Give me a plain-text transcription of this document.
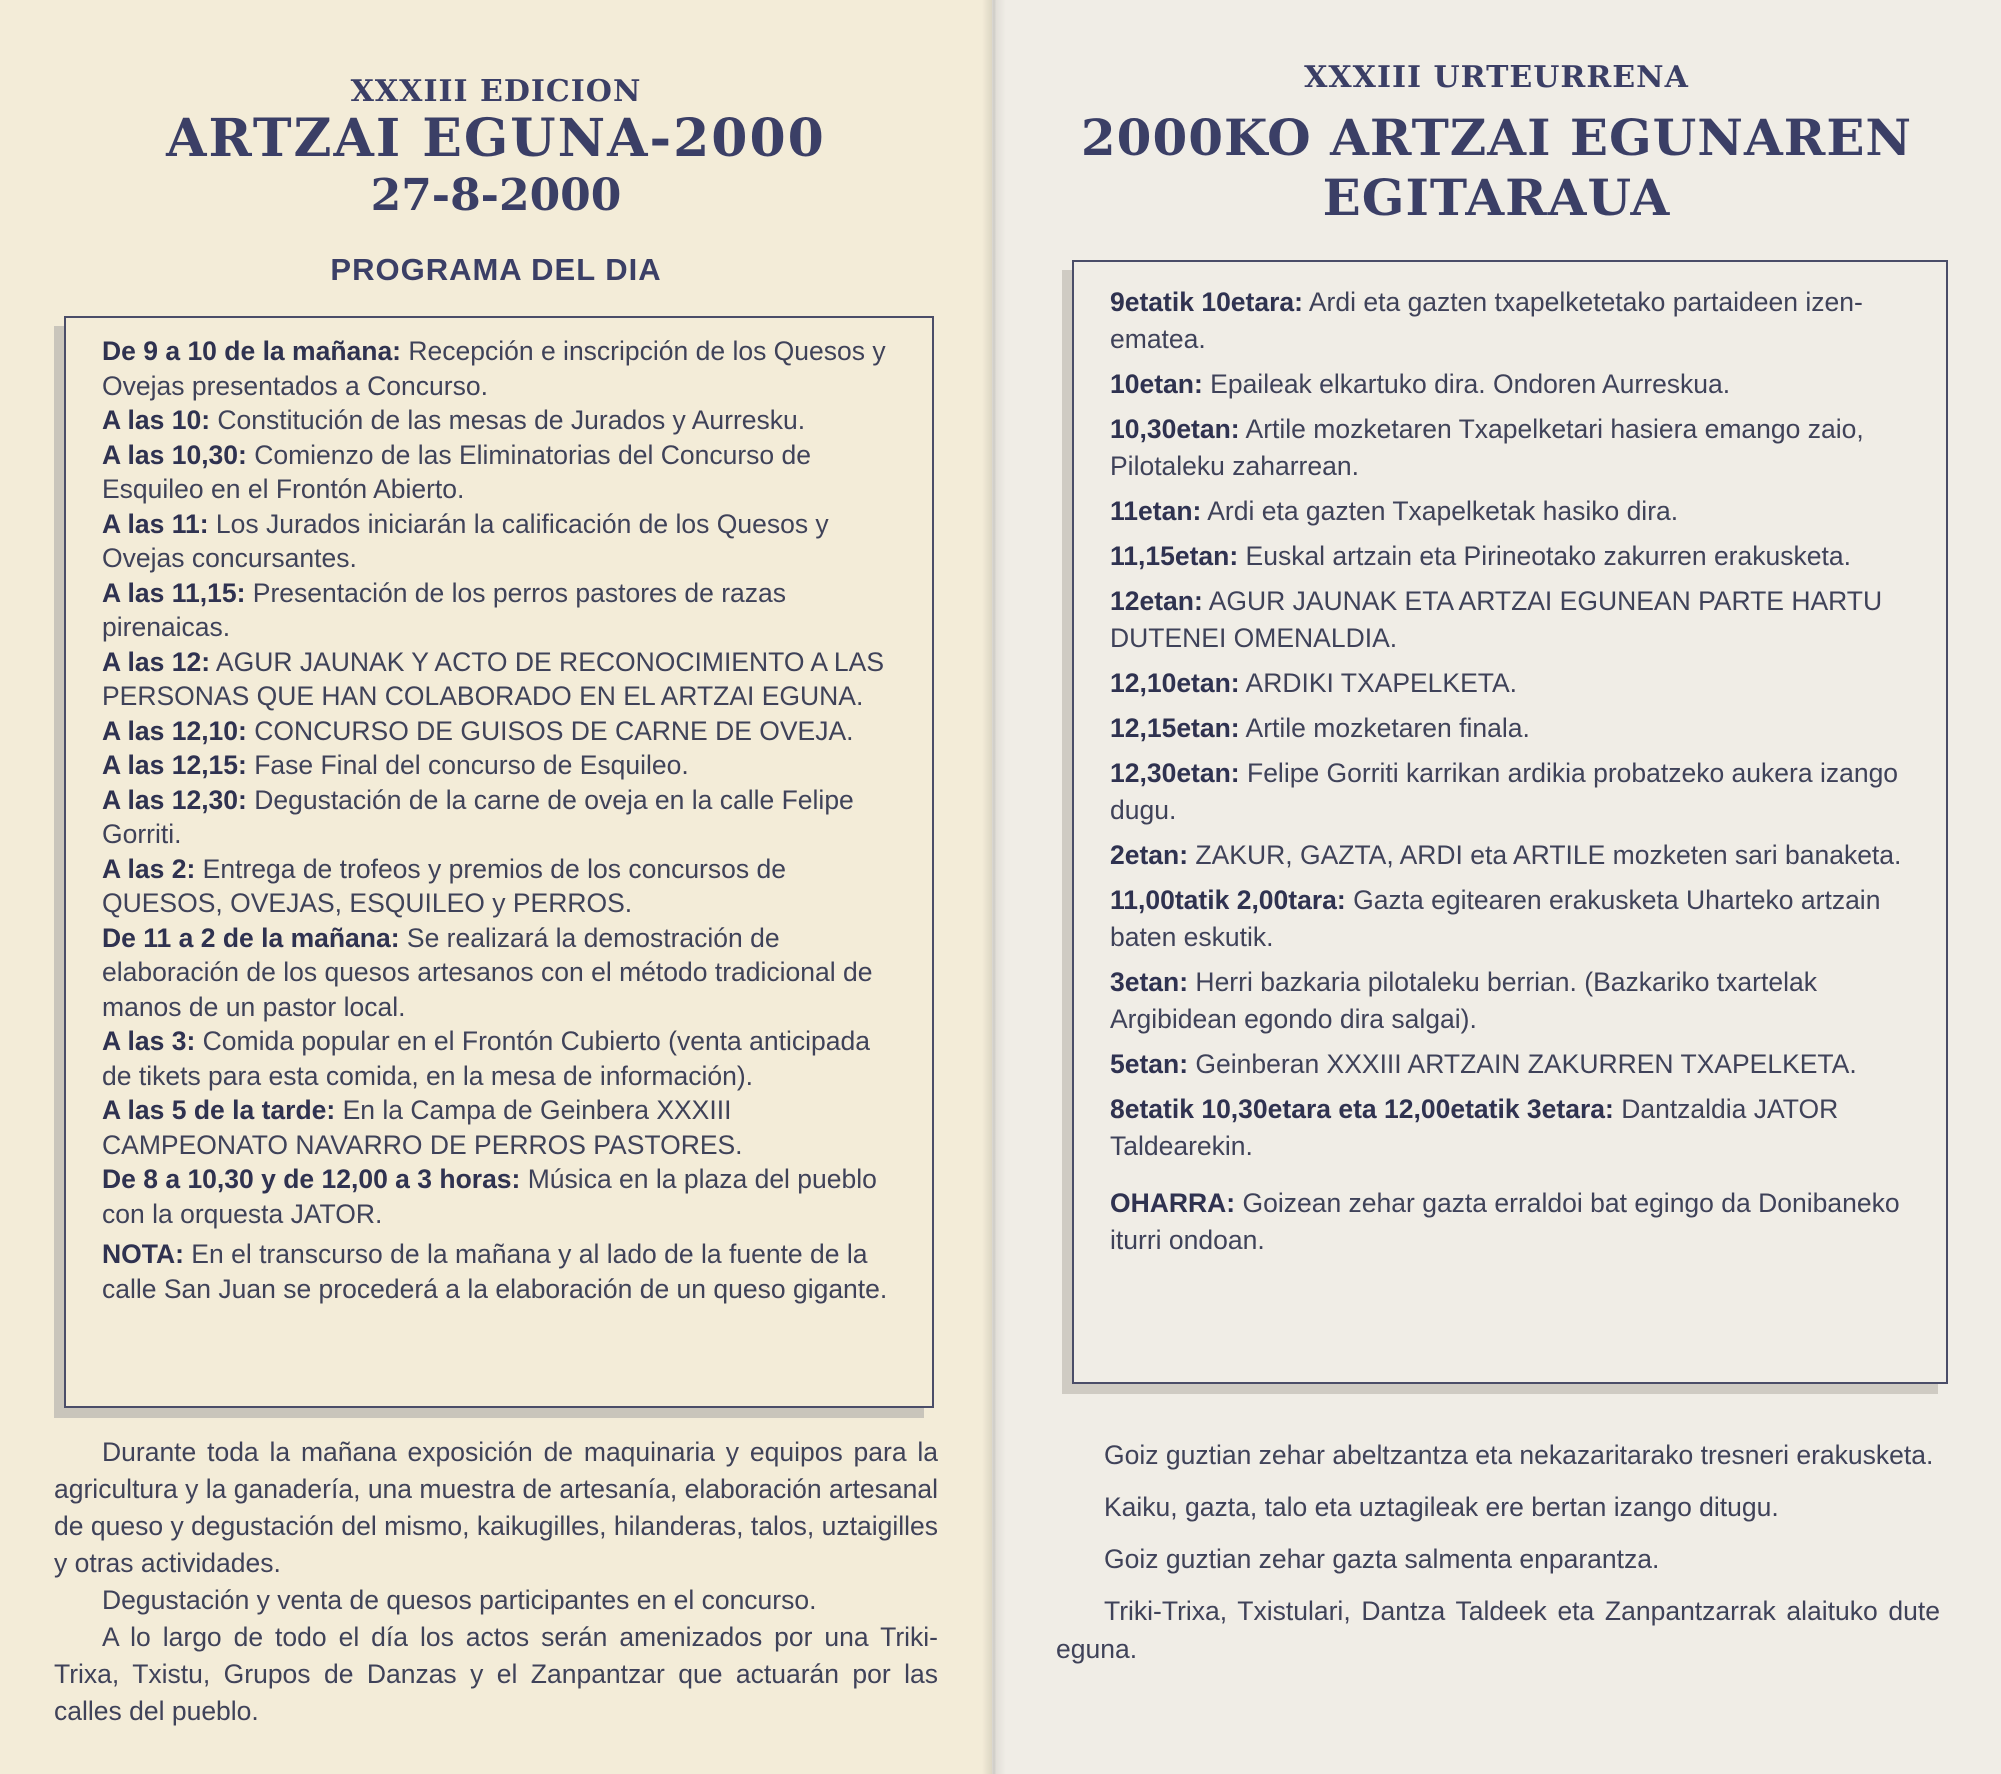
XXXIII EDICION
ARTZAI EGUNA-2000
27-8-2000
PROGRAMA DEL DIA

De 9 a 10 de la mañana: Recepción e inscripción de los Quesos y Ovejas presentados a Concurso.

A las 10: Constitución de las mesas de Jurados y Aurresku.

A las 10,30: Comienzo de las Eliminatorias del Concurso de Esquileo en el Frontón Abierto.

A las 11: Los Jurados iniciarán la calificación de los Quesos y Ovejas concursantes.

A las 11,15: Presentación de los perros pastores de razas pirenaicas.

A las 12: AGUR JAUNAK Y ACTO DE RECONOCIMIENTO A LAS PERSONAS QUE HAN COLABORADO EN EL ARTZAI EGUNA.

A las 12,10: CONCURSO DE GUISOS DE CARNE DE OVEJA.

A las 12,15: Fase Final del concurso de Esquileo.

A las 12,30: Degustación de la carne de oveja en la calle Felipe Gorriti.

A las 2: Entrega de trofeos y premios de los concursos de QUESOS, OVEJAS, ESQUILEO y PERROS.

De 11 a 2 de la mañana: Se realizará la demostración de elaboración de los quesos artesanos con el método tradicional de manos de un pastor local.

A las 3: Comida popular en el Frontón Cubierto (venta anticipada de tikets para esta comida, en la mesa de información).

A las 5 de la tarde: En la Campa de Geinbera XXXIII CAMPEONATO NAVARRO DE PERROS PASTORES.

De 8 a 10,30 y de 12,00 a 3 horas: Música en la plaza del pueblo con la orquesta JATOR.

NOTA: En el transcurso de la mañana y al lado de la fuente de la calle San Juan se procederá a la elaboración de un queso gigante.

Durante toda la mañana exposición de maquinaria y equipos para la agricultura y la ganadería, una muestra de artesanía, elaboración artesanal de queso y degustación del mismo, kaikugilles, hilanderas, talos, uztaigilles y otras actividades.

Degustación y venta de quesos participantes en el concurso.

A lo largo de todo el día los actos serán amenizados por una Triki-Trixa, Txistu, Grupos de Danzas y el Zanpantzar que actuarán por las calles del pueblo.

XXXIII URTEURRENA
2000KO ARTZAI EGUNAREN
EGITARAUA

9etatik 10etara: Ardi eta gazten txapelketetako partaideen izen-ematea.

10etan: Epaileak elkartuko dira. Ondoren Aurreskua.

10,30etan: Artile mozketaren Txapelketari hasiera emango zaio, Pilotaleku zaharrean.

11etan: Ardi eta gazten Txapelketak hasiko dira.

11,15etan: Euskal artzain eta Pirineotako zakurren erakusketa.

12etan: AGUR JAUNAK ETA ARTZAI EGUNEAN PARTE HARTU DUTENEI OMENALDIA.

12,10etan: ARDIKI TXAPELKETA.

12,15etan: Artile mozketaren finala.

12,30etan: Felipe Gorriti karrikan ardikia probatzeko aukera izango dugu.

2etan: ZAKUR, GAZTA, ARDI eta ARTILE mozketen sari banaketa.

11,00tatik 2,00tara: Gazta egitearen erakusketa Uharteko artzain baten eskutik.

3etan: Herri bazkaria pilotaleku berrian. (Bazkariko txartelak Argibidean egondo dira salgai).

5etan: Geinberan XXXIII ARTZAIN ZAKURREN TXAPELKETA.

8etatik 10,30etara eta 12,00etatik 3etara: Dantzaldia JATOR Taldearekin.

OHARRA: Goizean zehar gazta erraldoi bat egingo da Donibaneko iturri ondoan.

Goiz guztian zehar abeltzantza eta nekazaritarako tresneri erakusketa.

Kaiku, gazta, talo eta uztagileak ere bertan izango ditugu.

Goiz guztian zehar gazta salmenta enparantza.

Triki-Trixa, Txistulari, Dantza Taldeek eta Zanpantzarrak alaituko dute eguna.
